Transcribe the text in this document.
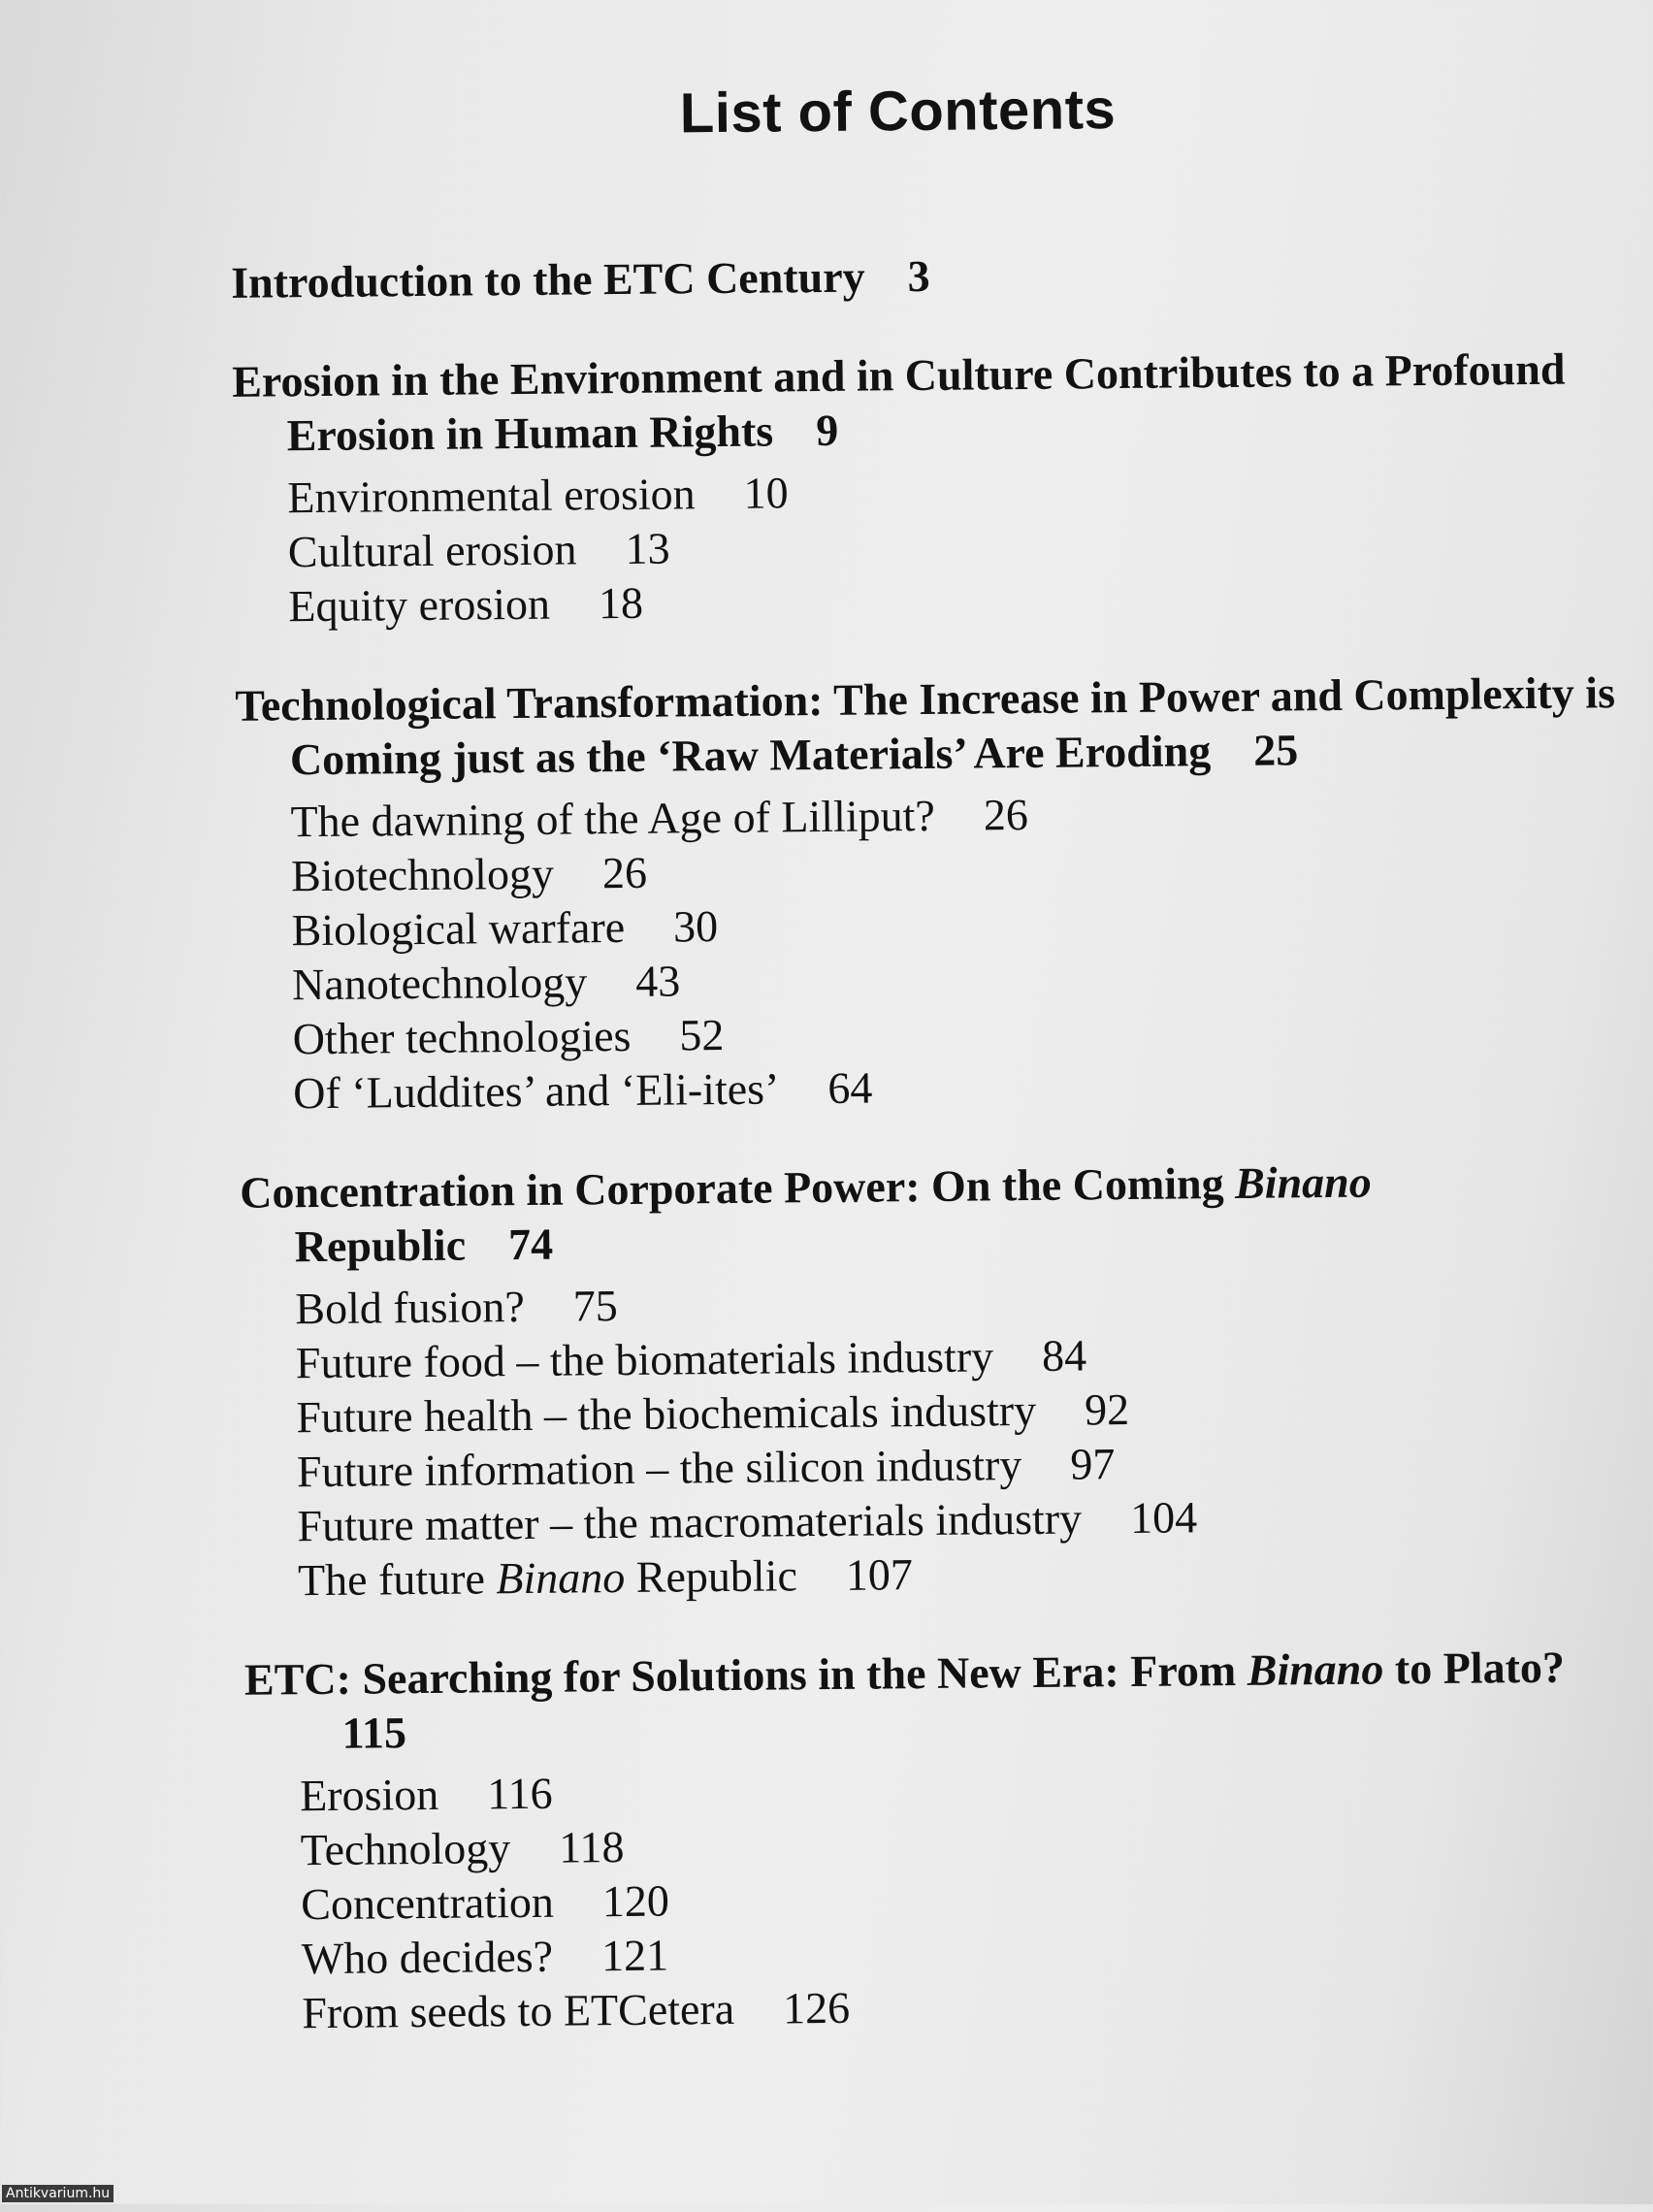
List of Contents
Introduction to the ETC Century 3
Erosion in the Environment and in Culture Contributes to a Profound Erosion in Human Rights 9
Environmental erosion 10
Cultural erosion 13
Equity erosion 18
Technological Transformation: The Increase in Power and Complexity is Coming just as the ‘Raw Materials’ Are Eroding 25
The dawning of the Age of Lilliput? 26
Biotechnology 26
Biological warfare 30
Nanotechnology 43
Other technologies 52
Of ‘Luddites’ and ‘Eli-ites’ 64
Concentration in Corporate Power: On the Coming Binano Republic 74
Bold fusion? 75
Future food – the biomaterials industry 84
Future health – the biochemicals industry 92
Future information – the silicon industry 97
Future matter – the macromaterials industry 104
The future Binano Republic 107
ETC: Searching for Solutions in the New Era: From Binano to Plato?115
Erosion 116
Technology 118
Concentration 120
Who decides? 121
From seeds to ETCetera 126
Antikvarium.hu
